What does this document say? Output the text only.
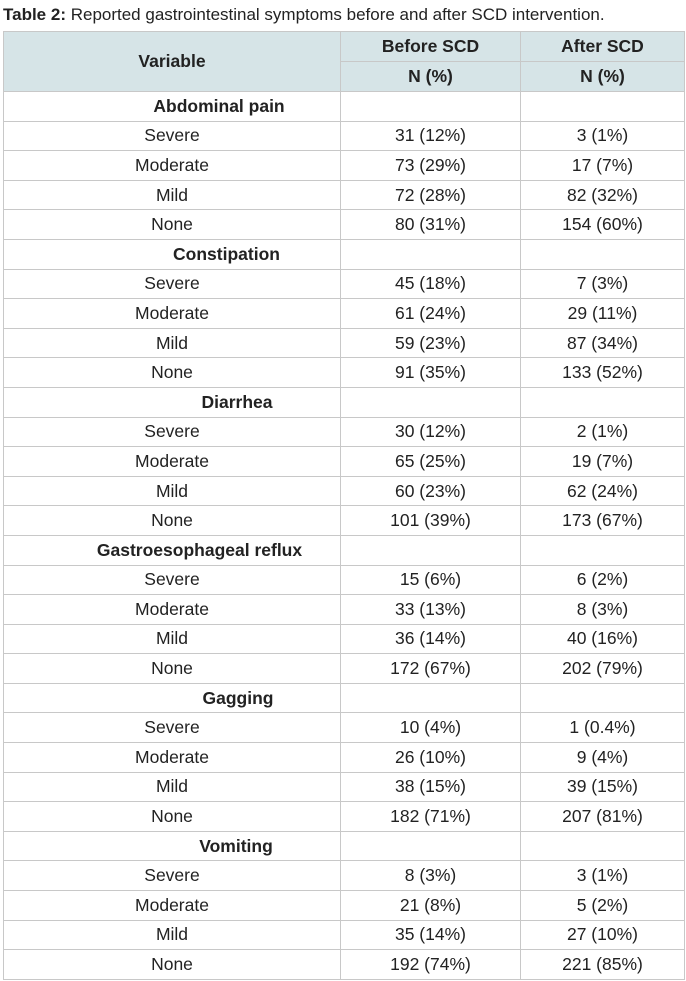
Table 2: Reported gastrointestinal symptoms before and after SCD intervention.
Variable	Before SCD	After SCD
	N (%)	N (%)
Abdominal pain		
Severe	31 (12%)	3 (1%)
Moderate	73 (29%)	17 (7%)
Mild	72 (28%)	82 (32%)
None	80 (31%)	154 (60%)
Constipation		
Severe	45 (18%)	7 (3%)
Moderate	61 (24%)	29 (11%)
Mild	59 (23%)	87 (34%)
None	91 (35%)	133 (52%)
Diarrhea		
Severe	30 (12%)	2 (1%)
Moderate	65 (25%)	19 (7%)
Mild	60 (23%)	62 (24%)
None	101 (39%)	173 (67%)
Gastroesophageal reflux		
Severe	15 (6%)	6 (2%)
Moderate	33 (13%)	8 (3%)
Mild	36 (14%)	40 (16%)
None	172 (67%)	202 (79%)
Gagging		
Severe	10 (4%)	1 (0.4%)
Moderate	26 (10%)	9 (4%)
Mild	38 (15%)	39 (15%)
None	182 (71%)	207 (81%)
Vomiting		
Severe	8 (3%)	3 (1%)
Moderate	21 (8%)	5 (2%)
Mild	35 (14%)	27 (10%)
None	192 (74%)	221 (85%)
